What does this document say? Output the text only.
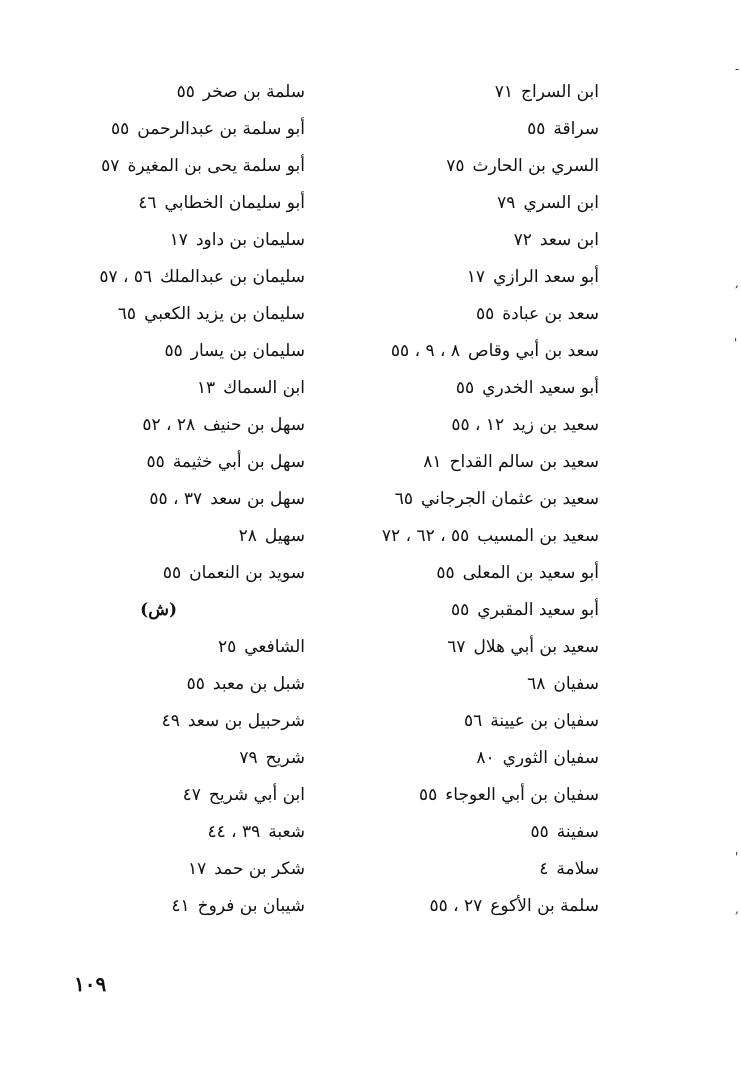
ابن السراج٧١
سراقة٥٥
السري بن الحارث٧٥
ابن السري٧٩
ابن سعد٧٢
أبو سعد الرازي١٧
سعد بن عبادة٥٥
سعد بن أبي وقاص٨ ، ٩ ، ٥٥
أبو سعيد الخدري٥٥
سعيد بن زيد١٢ ، ٥٥
سعيد بن سالم القداح٨١
سعيد بن عثمان الجرجاني٦٥
سعيد بن المسيب٥٥ ، ٦٢ ، ٧٢
أبو سعيد بن المعلى٥٥
أبو سعيد المقبري٥٥
سعيد بن أبي هلال٦٧
سفيان٦٨
سفيان بن عيينة٥٦
سفيان الثوري٨٠
سفيان بن أبي العوجاء٥٥
سفينة٥٥
سلامة٤
سلمة بن الأكوع٢٧ ، ٥٥
سلمة بن صخر٥٥
أبو سلمة بن عبدالرحمن٥٥
أبو سلمة يحى بن المغيرة٥٧
أبو سليمان الخطابي٤٦
سليمان بن داود١٧
سليمان بن عبدالملك٥٦ ، ٥٧
سليمان بن يزيد الكعبي٦٥
سليمان بن يسار٥٥
ابن السماك١٣
سهل بن حنيف٢٨ ، ٥٢
سهل بن أبي خثيمة٥٥
سهل بن سعد٣٧ ، ٥٥
سهيل٢٨
سويد بن النعمان٥٥
(ش)
الشافعي٢٥
شبل بن معبد٥٥
شرحبيل بن سعد٤٩
شريح٧٩
ابن أبي شريح٤٧
شعبة٣٩ ، ٤٤
شكر بن حمد١٧
شيبان بن فروخ٤١
-
,
'
'
,
١٠٩
